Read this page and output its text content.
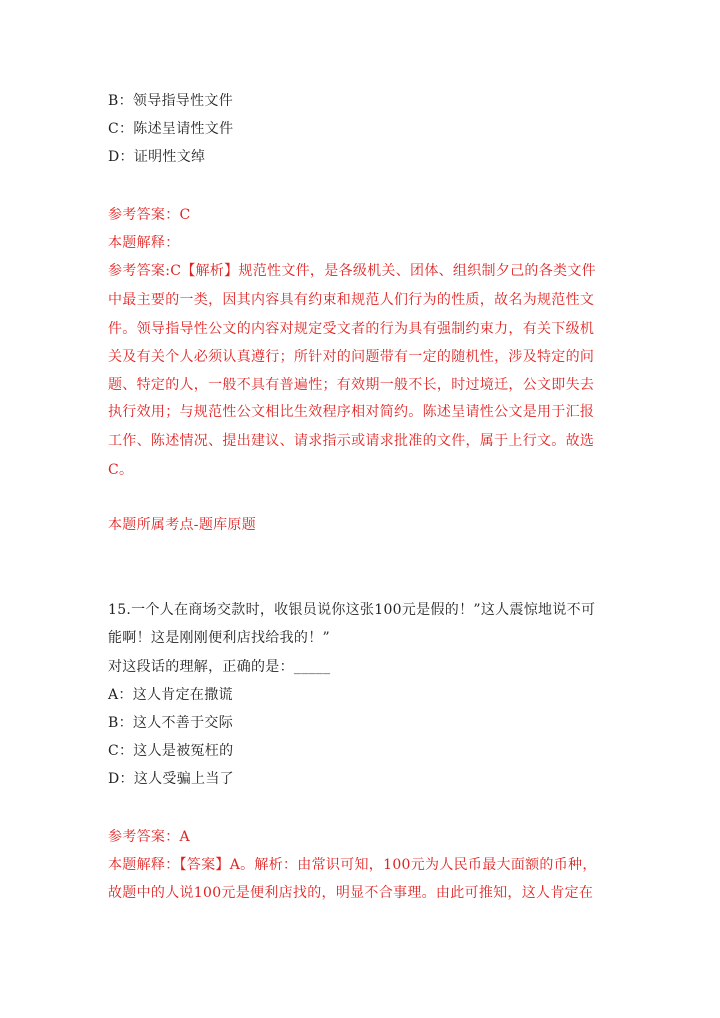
B：领导指导性文件
C：陈述呈请性文件
D：证明性文绰
参考答案：C
本题解释：
参考答案:C【解析】规范性文件，是各级机关、团体、组织制夕己的各类文件
中最主要的一类，因其内容具有约束和规范人们行为的性质，故名为规范性文
件。领导指导性公文的内容对规定受文者的行为具有强制约束力，有关下级机
关及有关个人必须认真遵行；所针对的问题带有一定的随机性，涉及特定的问
题、特定的人，一般不具有普遍性；有效期一般不长，时过境迁，公文即失去
执行效用；与规范性公文相比生效程序相对简约。陈述呈请性公文是用于汇报
工作、陈述情况、提出建议、请求指示或请求批准的文件，属于上行文。故选
C。
本题所属考点-题库原题
15.一个人在商场交款时，收银员说你这张100元是假的！”这人震惊地说不可
能啊！这是刚刚便利店找给我的！”
对这段话的理解，正确的是：_____
A：这人肯定在撒谎
B：这人不善于交际
C：这人是被冤枉的
D：这人受骗上当了
参考答案：A
本题解释：【答案】A。解析：由常识可知，100元为人民币最大面额的币种，
故题中的人说100元是便利店找的，明显不合事理。由此可推知，这人肯定在
